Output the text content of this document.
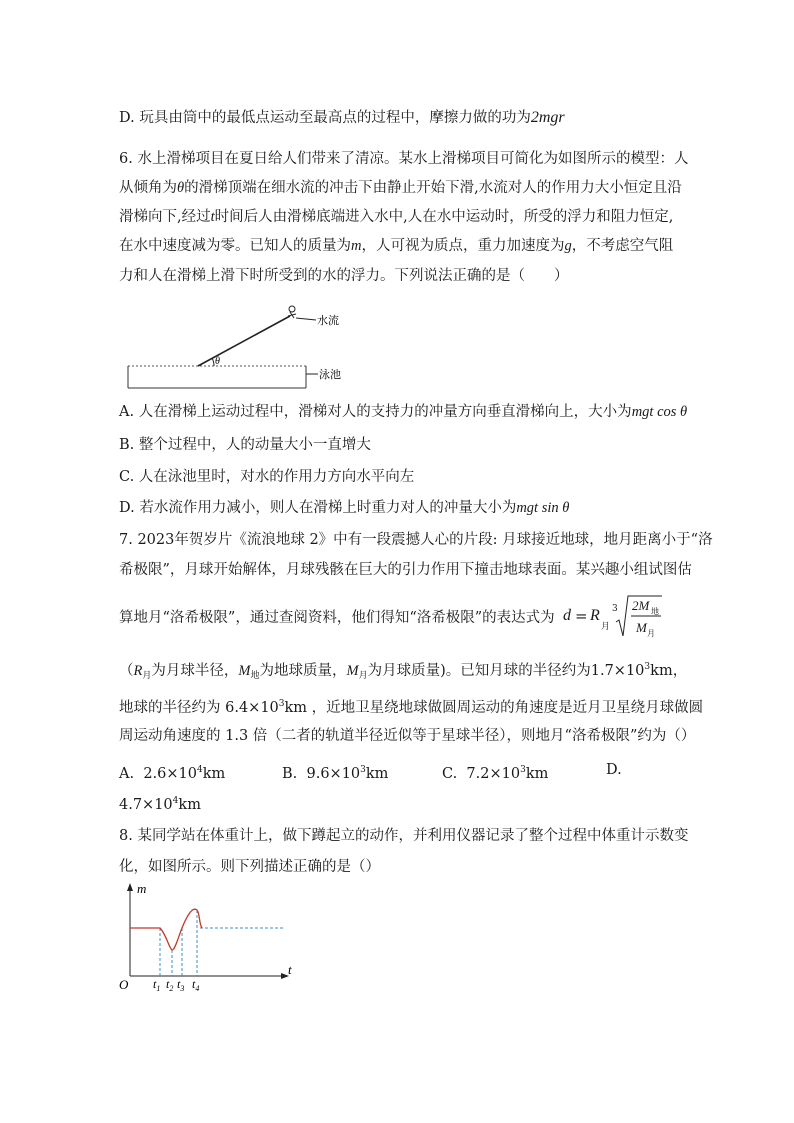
D. 玩具由筒中的最低点运动至最高点的过程中，摩擦力做的功为2mgr
6. 水上滑梯项目在夏日给人们带来了清凉。某水上滑梯项目可简化为如图所示的模型：人
从倾角为θ的滑梯顶端在细水流的冲击下由静止开始下滑,水流对人的作用力大小恒定且沿
滑梯向下,经过t时间后人由滑梯底端进入水中,人在水中运动时，所受的浮力和阻力恒定,
在水中速度减为零。已知人的质量为m，人可视为质点，重力加速度为g，不考虑空气阻
力和人在滑梯上滑下时所受到的水的浮力。下列说法正确的是（　　）
θ
水流
泳池
A. 人在滑梯上运动过程中，滑梯对人的支持力的冲量方向垂直滑梯向上，大小为mgt cos θ
B. 整个过程中，人的动量大小一直增大
C. 人在泳池里时，对水的作用力方向水平向左
D. 若水流作用力减小，则人在滑梯上时重力对人的冲量大小为mgt sin θ
7. 2023年贺岁片《流浪地球 2》中有一段震撼人心的片段: 月球接近地球，地月距离小于“洛
希极限”，月球开始解体，月球残骸在巨大的引力作用下撞击地球表面。某兴趣小组试图估
算地月“洛希极限”，通过查阅资料，他们得知“洛希极限”的表达式为 d = R
月
3 2M 地
M 月
（$R_月$为月球半径，$M_地$为地球质量，$M_月$为月球质量)。已知月球的半径约为$1.7\times 10^3km$，
地球的半径约为 $6.4\times 10^3km$ ，近地卫星绕地球做圆周运动的角速度是近月卫星绕月球做圆
周运动角速度的 1.3 倍（二者的轨道半径近似等于星球半径），则地月“洛希极限”约为（）
A. $2.6\times 10^4km$	B. $9.6\times 10^3km$	C. $7.2\times 10^3km$	D.
$4.7\times 10^4km$
8. 某同学站在体重计上，做下蹲起立的动作，并利用仪器记录了整个过程中体重计示数变
化，如图所示。则下列描述正确的是（）
m
t
O $t_1$ $t_2$ $t_3$ $t_4$
